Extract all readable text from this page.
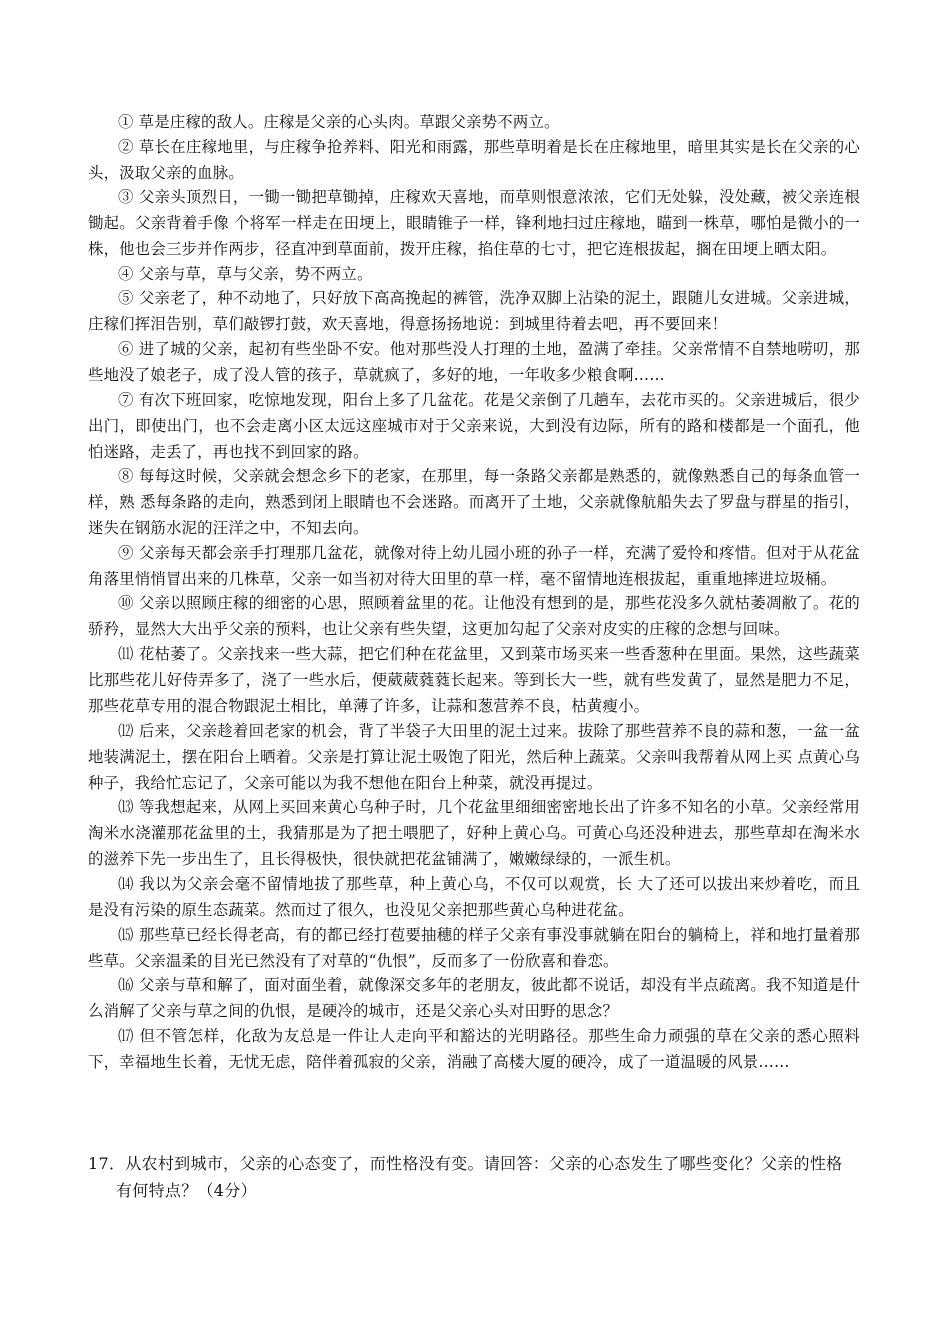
① 草是庄稼的敌人。庄稼是父亲的心头肉。草跟父亲势不两立。

② 草长在庄稼地里，与庄稼争抢养料、阳光和雨露，那些草明着是长在庄稼地里，暗里其实是长在父亲的心头，汲取父亲的血脉。

③ 父亲头顶烈日，一锄一锄把草锄掉，庄稼欢天喜地，而草则恨意浓浓，它们无处躲，没处藏，被父亲连根锄起。父亲背着手像 个将军一样走在田埂上，眼睛锥子一样，锋利地扫过庄稼地，瞄到一株草，哪怕是微小的一株，他也会三步并作两步，径直冲到草面前，拨开庄稼，掐住草的七寸，把它连根拔起，搁在田埂上晒太阳。

④ 父亲与草，草与父亲，势不两立。

⑤ 父亲老了，种不动地了，只好放下高高挽起的裤管，洗净双脚上沾染的泥土，跟随儿女进城。父亲进城，庄稼们挥泪告别，草们敲锣打鼓，欢天喜地，得意扬扬地说：到城里待着去吧，再不要回来！

⑥ 进了城的父亲，起初有些坐卧不安。他对那些没人打理的土地，盈满了牵挂。父亲常情不自禁地唠叨，那些地没了娘老子，成了没人管的孩子，草就疯了，多好的地，一年收多少粮食啊……

⑦ 有次下班回家，吃惊地发现，阳台上多了几盆花。花是父亲倒了几趟车，去花市买的。父亲进城后，很少出门，即使出门，也不会走离小区太远这座城市对于父亲来说，大到没有边际，所有的路和楼都是一个面孔，他怕迷路，走丢了，再也找不到回家的路。

⑧ 每每这时候，父亲就会想念乡下的老家，在那里，每一条路父亲都是熟悉的，就像熟悉自己的每条血管一样，熟 悉每条路的走向，熟悉到闭上眼睛也不会迷路。而离开了土地，父亲就像航船失去了罗盘与群星的指引，迷失在钢筋水泥的汪洋之中，不知去向。

⑨ 父亲每天都会亲手打理那几盆花，就像对待上幼儿园小班的孙子一样，充满了爱怜和疼惜。但对于从花盆角落里悄悄冒出来的几株草，父亲一如当初对待大田里的草一样，毫不留情地连根拔起，重重地摔进垃圾桶。

⑩ 父亲以照顾庄稼的细密的心思，照顾着盆里的花。让他没有想到的是，那些花没多久就枯萎凋敝了。花的骄矜，显然大大出乎父亲的预料，也让父亲有些失望，这更加勾起了父亲对皮实的庄稼的念想与回味。

⑾ 花枯萎了。父亲找来一些大蒜，把它们种在花盆里，又到菜市场买来一些香葱种在里面。果然，这些蔬菜比那些花儿好侍弄多了，浇了一些水后，便葳葳蕤蕤长起来。等到长大一些，就有些发黄了，显然是肥力不足，那些花草专用的混合物跟泥土相比，单薄了许多，让蒜和葱营养不良，枯黄瘦小。

⑿ 后来，父亲趁着回老家的机会，背了半袋子大田里的泥土过来。拔除了那些营养不良的蒜和葱，一盆一盆地装满泥土，摆在阳台上晒着。父亲是打算让泥土吸饱了阳光，然后种上蔬菜。父亲叫我帮着从网上买 点黄心乌种子，我给忙忘记了，父亲可能以为我不想他在阳台上种菜，就没再提过。

⒀ 等我想起来，从网上买回来黄心乌种子时，几个花盆里细细密密地长出了许多不知名的小草。父亲经常用淘米水浇灌那花盆里的土，我猜那是为了把土喂肥了，好种上黄心乌。可黄心乌还没种进去，那些草却在淘米水的滋养下先一步出生了，且长得极快，很快就把花盆铺满了，嫩嫩绿绿的，一派生机。

⒁ 我以为父亲会毫不留情地拔了那些草，种上黄心乌，不仅可以观赏，长 大了还可以拔出来炒着吃，而且是没有污染的原生态蔬菜。然而过了很久，也没见父亲把那些黄心乌种进花盆。

⒂ 那些草已经长得老高，有的都已经打苞要抽穗的样子父亲有事没事就躺在阳台的躺椅上，祥和地打量着那些草。父亲温柔的目光已然没有了对草的“仇恨”，反而多了一份欣喜和眷恋。

⒃ 父亲与草和解了，面对面坐着，就像深交多年的老朋友，彼此都不说话，却没有半点疏离。我不知道是什么消解了父亲与草之间的仇恨，是硬冷的城市，还是父亲心头对田野的思念？

⒄ 但不管怎样，化敌为友总是一件让人走向平和豁达的光明路径。那些生命力顽强的草在父亲的悉心照料下，幸福地生长着，无忧无虑，陪伴着孤寂的父亲，消融了高楼大厦的硬冷，成了一道温暖的风景……

17．从农村到城市，父亲的心态变了，而性格没有变。请回答：父亲的心态发生了哪些变化？父亲的性格
有何特点？（4分）
